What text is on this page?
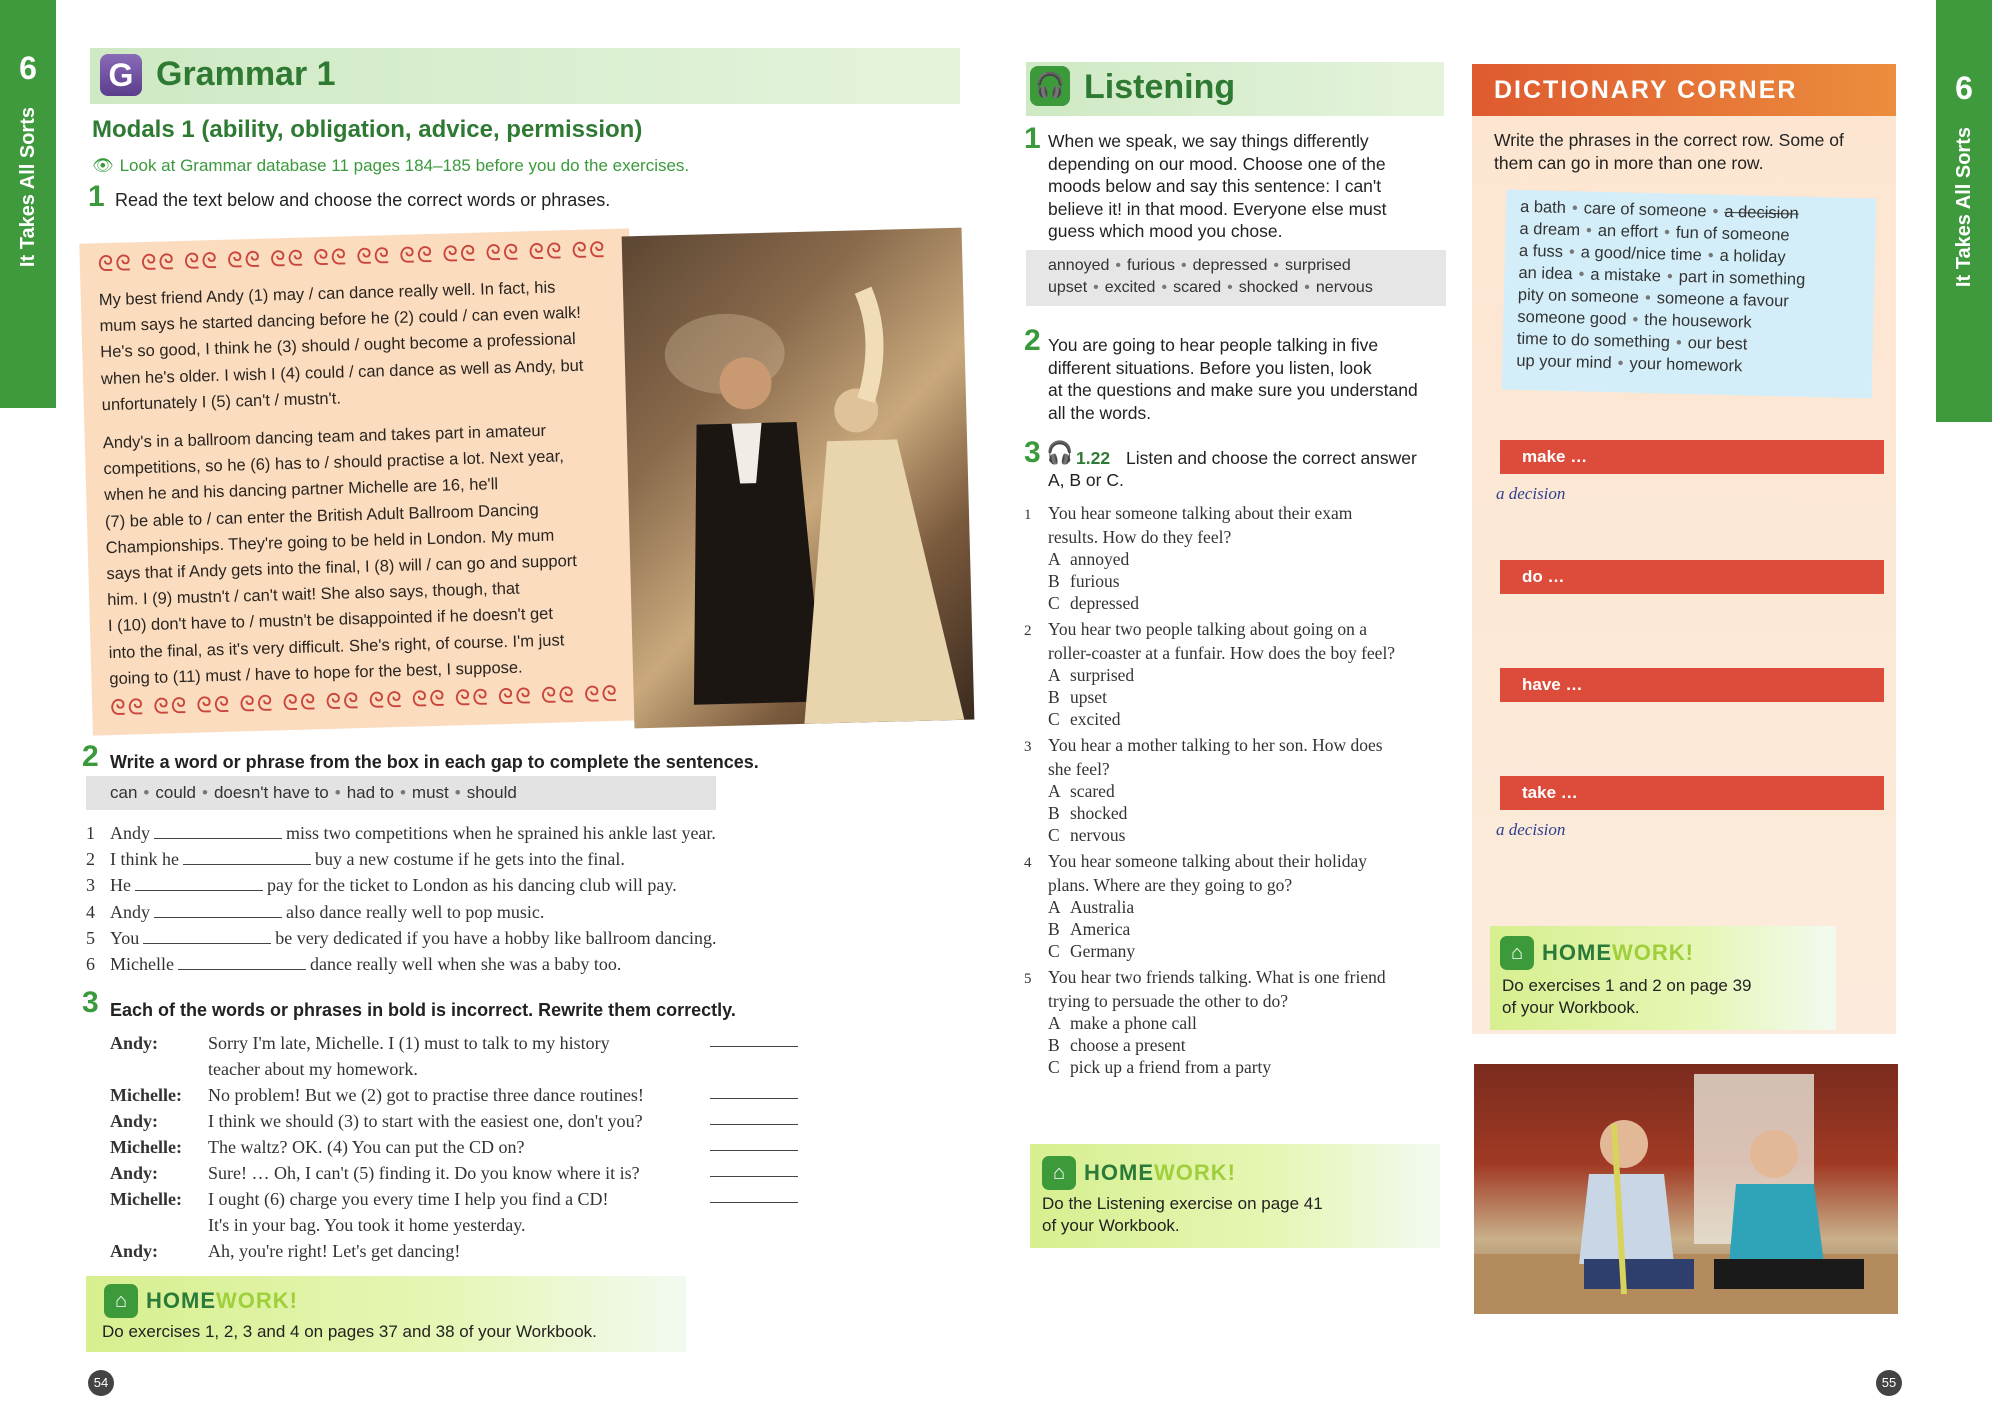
6
It Takes All Sorts
6
It Takes All Sorts
G Grammar 1
Modals 1 (ability, obligation, advice, permission)
👁 Look at Grammar database 11 pages 184–185 before you do the exercises.
1 Read the text below and choose the correct words or phrases.
ᘓᘓ ᘓᘓ ᘓᘓ ᘓᘓ ᘓᘓ ᘓᘓ ᘓᘓ ᘓᘓ ᘓᘓ ᘓᘓ ᘓᘓ ᘓᘓ
My best friend Andy (1) may / can dance really well. In fact, his
mum says he started dancing before he (2) could / can even walk!
He's so good, I think he (3) should / ought become a professional
when he's older. I wish I (4) could / can dance as well as Andy, but
unfortunately I (5) can't / mustn't.
Andy's in a ballroom dancing team and takes part in amateur
competitions, so he (6) has to / should practise a lot. Next year,
when he and his dancing partner Michelle are 16, he'll
(7) be able to / can enter the British Adult Ballroom Dancing
Championships. They're going to be held in London. My mum
says that if Andy gets into the final, I (8) will / can go and support
him. I (9) mustn't / can't wait! She also says, though, that
I (10) don't have to / mustn't be disappointed if he doesn't get
into the final, as it's very difficult. She's right, of course. I'm just
going to (11) must / have to hope for the best, I suppose.
ᘓᘓ ᘓᘓ ᘓᘓ ᘓᘓ ᘓᘓ ᘓᘓ ᘓᘓ ᘓᘓ ᘓᘓ ᘓᘓ ᘓᘓ ᘓᘓ
2 Write a word or phrase from the box in each gap to complete the sentences.
can • could • doesn't have to • had to • must • should
1 Andy	miss two competitions when he sprained his ankle last year.
2 I think he	buy a new costume if he gets into the final.
3 He	pay for the ticket to London as his dancing club will pay.
4 Andy	also dance really well to pop music.
5 You	be very dedicated if you have a hobby like ballroom dancing.
6 Michelle	dance really well when she was a baby too.
3 Each of the words or phrases in bold is incorrect. Rewrite them correctly.
Andy:	Sorry I'm late, Michelle. I (1) must to talk to my history
teacher about my homework.
Michelle: No problem! But we (2) got to practise three dance routines!
Andy:	I think we should (3) to start with the easiest one, don't you?
Michelle: The waltz? OK. (4) You can put the CD on?
Andy:	Sure! … Oh, I can't (5) finding it. Do you know where it is?
Michelle: I ought (6) charge you every time I help you find a CD!
It's in your bag. You took it home yesterday.
Andy:	Ah, you're right! Let's get dancing!
⌂ HOMEWORK!
Do exercises 1, 2, 3 and 4 on pages 37 and 38 of your Workbook.
54
🎧 Listening
1 When we speak, we say things differently
depending on our mood. Choose one of the
moods below and say this sentence: I can't
believe it! in that mood. Everyone else must
guess which mood you chose.
annoyed • furious • depressed • surprised
upset • excited • scared • shocked • nervous
2 You are going to hear people talking in five
different situations. Before you listen, look
at the questions and make sure you understand
all the words.
3 🎧 1.22 Listen and choose the correct answer
A, B or C.
1 You hear someone talking about their exam
results. How do they feel?
A annoyed
B furious
C depressed
2 You hear two people talking about going on a
roller-coaster at a funfair. How does the boy feel?
A surprised
B upset
C excited
3 You hear a mother talking to her son. How does
she feel?
A scared
B shocked
C nervous
4 You hear someone talking about their holiday
plans. Where are they going to go?
A Australia
B America
C Germany
5 You hear two friends talking. What is one friend
trying to persuade the other to do?
A make a phone call
B choose a present
C pick up a friend from a party
⌂ HOMEWORK!
Do the Listening exercise on page 41
of your Workbook.
DICTIONARY CORNER
Write the phrases in the correct row. Some of
them can go in more than one row.
a bath • care of someone • a decision
a dream • an effort • fun of someone
a fuss • a good/nice time • a holiday
an idea • a mistake • part in something
pity on someone • someone a favour
someone good • the housework
time to do something • our best
up your mind • your homework
make …
a decision
do …
have …
take …
a decision
⌂ HOMEWORK!
Do exercises 1 and 2 on page 39
of your Workbook.
55
